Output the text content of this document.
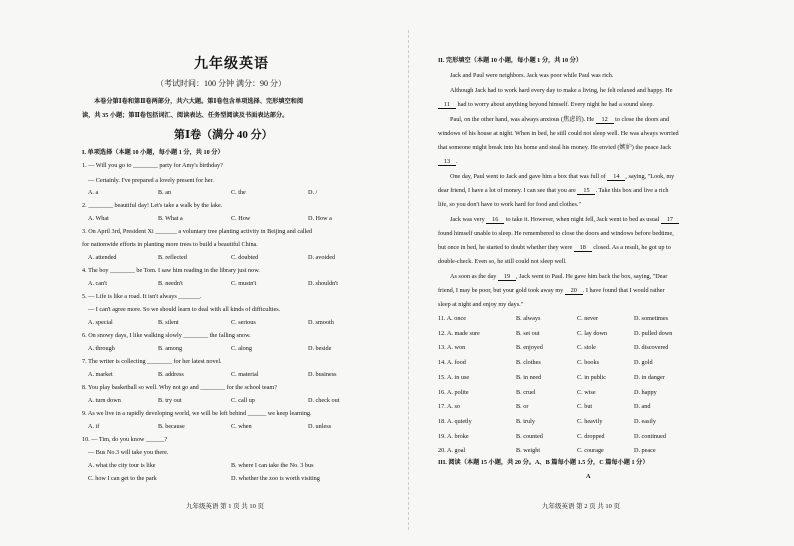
九年级英语
（考试时间：100 分钟 满分：90 分）
本卷分第Ⅰ卷和第Ⅱ卷两部分，共六大题。第Ⅰ卷包含单项选择、完形填空和阅
读，共 35 小题；第Ⅱ卷包括词汇、阅读表达、任务型阅读及书面表达部分。
第Ⅰ卷（满分 40 分）
I. 单项选择（本题 10 小题，每小题 1 分，共 10 分）
1. — Will you go to ________ party for Amy's birthday?
— Certainly. I've prepared a lovely present for her.
A. a	B. an	C. the	D. /
2. ________ beautiful day! Let's take a walk by the lake.
A. What	B. What a	C. How	D. How a
3. On April 3rd, President Xi _______ a voluntary tree planting activity in Beijing and called
for nationwide efforts in planting more trees to build a beautiful China.
A. attended	B. reflected	C. doubted	D. avoided
4. The boy ________ be Tom. I saw him reading in the library just now.
A. can't	B. needn't	C. mustn't	D. shouldn't
5. — Life is like a road. It isn't always _______.
— I can't agree more. So we should learn to deal with all kinds of difficulties.
A. special	B. silent	C. serious	D. smooth
6. On snowy days, I like walking slowly ________ the falling snow.
A. through	B. among	C. along	D. beside
7. The writer is collecting ________ for her latest novel.
A. market	B. address	C. material	D. business
8. You play basketball so well. Why not go and ________ for the school team?
A. turn down	B. try out	C. call up	D. check out
9. As we live in a rapidly developing world, we will be left behind ______ we keep learning.
A. if	B. because	C. when	D. unless
10. — Tim, do you know ______?
— Bus No.3 will take you there.
A. what the city tour is like	B. where I can take the No. 3 bus
C. how I can get to the park	D. whether the zoo is worth visiting
九年级英语 第 1 页 共 10 页
II. 完形填空（本题 10 小题，每小题 1 分，共 10 分）
Jack and Paul were neighbors. Jack was poor while Paul was rich.
Although Jack had to work hard every day to make a living, he felt relaxed and happy. He
11 had to worry about anything beyond himself. Every night he had a sound sleep.
Paul, on the other hand, was always anxious (焦虑的). He 12 to close the doors and
windows of his house at night. When in bed, he still could not sleep well. He was always worried
that someone might break into his home and steal his money. He envied (嫉妒) the peace Jack
13 .
One day, Paul went to Jack and gave him a box that was full of 14 , saying, "Look, my
dear friend, I have a lot of money. I can see that you are 15 . Take this box and live a rich
life, so you don't have to work hard for food and clothes."
Jack was very 16 to take it. However, when night fell, Jack went to bed as usual 17
found himself unable to sleep. He remembered to close the doors and windows before bedtime,
but once in bed, he started to doubt whether they were 18 closed. As a result, he got up to
double-check. Even so, he still could not sleep well.
As soon as the day 19 , Jack went to Paul. He gave him back the box, saying, "Dear
friend, I may be poor, but your gold took away my 20 . I have found that I would rather
sleep at night and enjoy my days."
11. A. once	B. always	C. never	D. sometimes
12. A. made sure	B. set out	C. lay down	D. pulled down
13. A. won	B. enjoyed	C. stole	D. discovered
14. A. food	B. clothes	C. books	D. gold
15. A. in use	B. in need	C. in public	D. in danger
16. A. polite	B. cruel	C. wise	D. happy
17. A. so	B. or	C. but	D. and
18. A. quietly	B. truly	C. heavily	D. easily
19. A. broke	B. counted	C. dropped	D. continued
20. A. goal	B. weight	C. courage	D. peace
III. 阅读（本题 15 小题，共 20 分。A、B 篇每小题 1.5 分，C 篇每小题 1 分）
A
九年级英语 第 2 页 共 10 页
